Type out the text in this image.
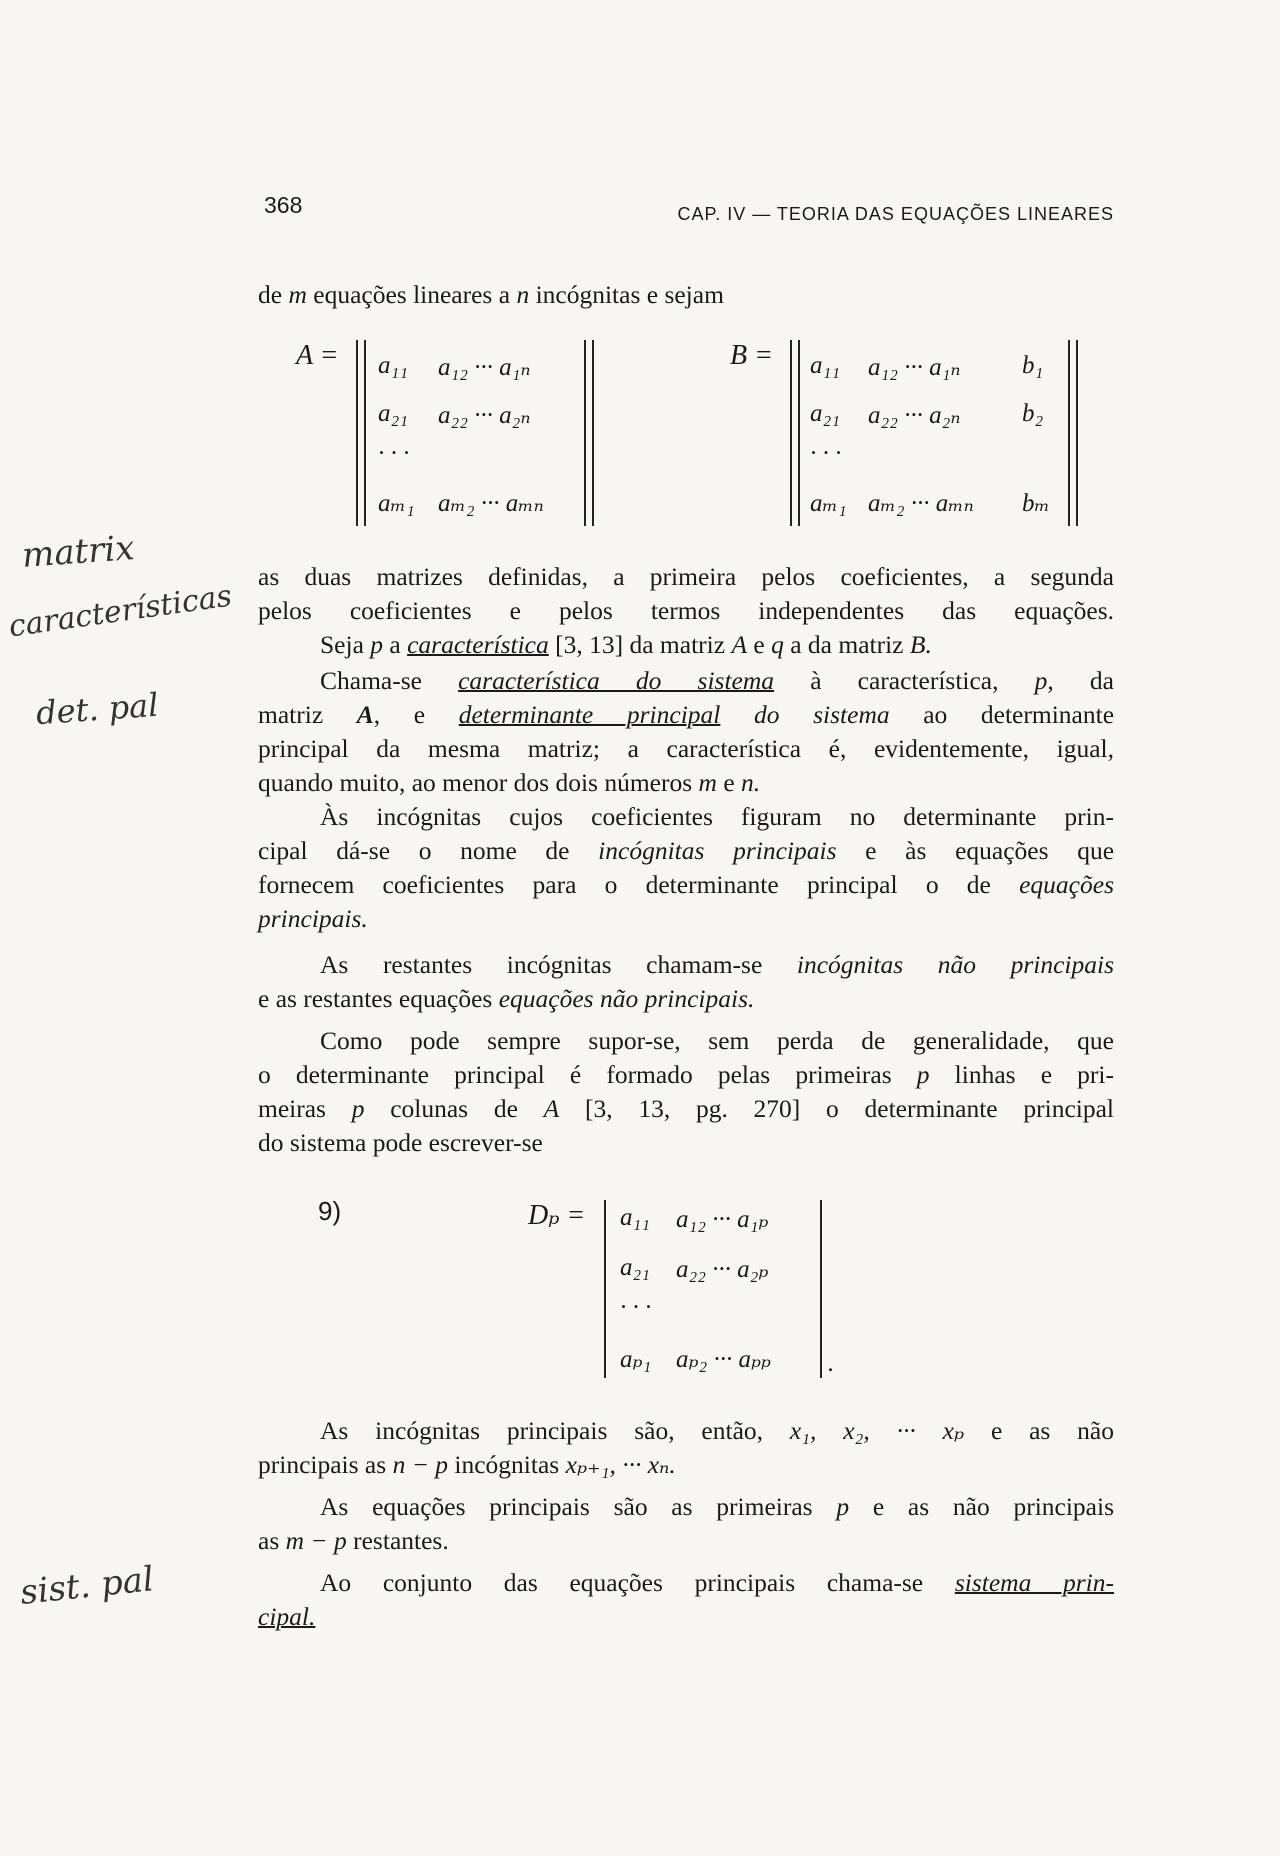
368	CAP. IV — TEORIA DAS EQUAÇÕES LINEARES
de m equações lineares a n incógnitas e sejam
A = a₁₁ a₁₂ ··· a₁ₙ
a₂₁ a₂₂ ··· a₂ₙ
· · ·
aₘ₁ aₘ₂ ··· aₘₙ
B = a₁₁ a₁₂ ··· a₁ₙ b₁
a₂₁ a₂₂ ··· a₂ₙ b₂
· · ·
aₘ₁ aₘ₂ ··· aₘₙ bₘ
as duas matrizes definidas, a primeira pelos coeficientes, a segunda
pelos coeficientes e pelos termos independentes das equações.
Seja p a característica [3, 13] da matriz A e q a da matriz B.
Chama-se característica do sistema à característica, p, da
matriz A, e determinante principal do sistema ao determinante
principal da mesma matriz; a característica é, evidentemente, igual,
quando muito, ao menor dos dois números m e n.
Às incógnitas cujos coeficientes figuram no determinante prin-
cipal dá-se o nome de incógnitas principais e às equações que
fornecem coeficientes para o determinante principal o de equações
principais.
As restantes incógnitas chamam-se incógnitas não principais
e as restantes equações equações não principais.
Como pode sempre supor-se, sem perda de generalidade, que
o determinante principal é formado pelas primeiras p linhas e pri-
meiras p colunas de A [3, 13, pg. 270] o determinante principal
do sistema pode escrever-se
9)	Dₚ = a₁₁ a₁₂ ··· a₁ₚ
a₂₁ a₂₂ ··· a₂ₚ
· · ·
aₚ₁ aₚ₂ ··· aₚₚ .
As incógnitas principais são, então, x₁, x₂, ··· xₚ e as não
principais as n − p incógnitas xₚ₊₁, ··· xₙ.
As equações principais são as primeiras p e as não principais
as m − p restantes.
Ao conjunto das equações principais chama-se sistema prin-
cipal.
matrix
características
det. pal
sist. pal
